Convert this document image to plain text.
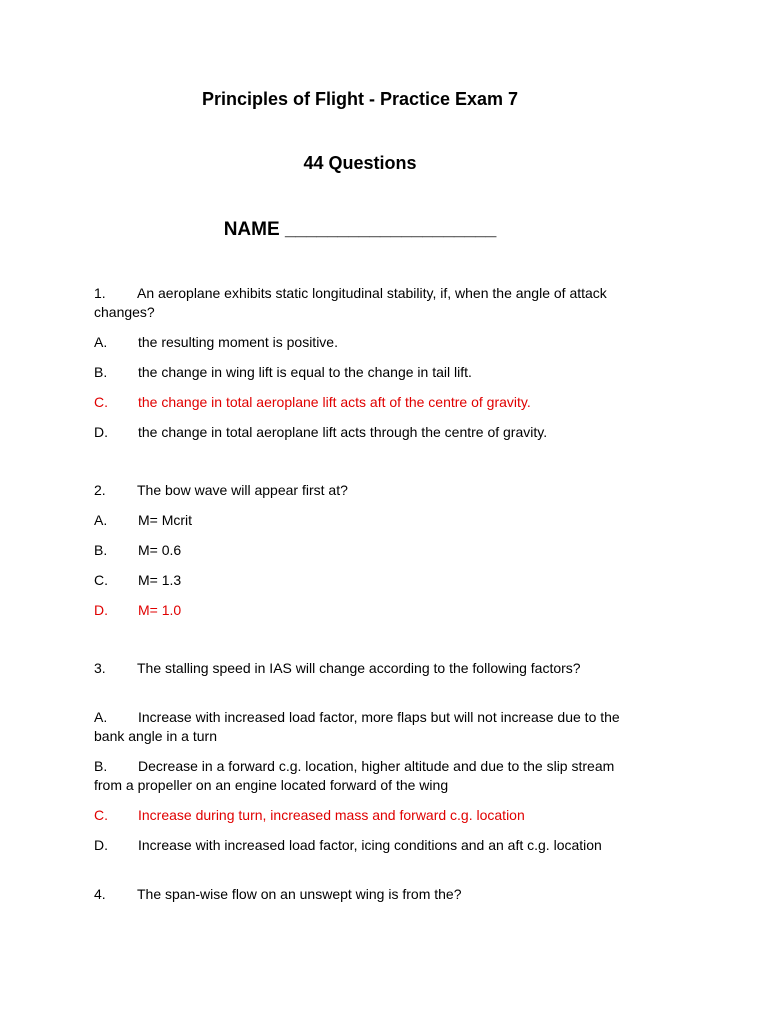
Principles of Flight - Practice Exam 7
44 Questions
NAME ____________________
1. An aeroplane exhibits static longitudinal stability, if, when the angle of attack changes?
A. the resulting moment is positive.
B. the change in wing lift is equal to the change in tail lift.
C. the change in total aeroplane lift acts aft of the centre of gravity.
D. the change in total aeroplane lift acts through the centre of gravity.
2. The bow wave will appear first at?
A. M= Mcrit
B. M= 0.6
C. M= 1.3
D. M= 1.0
3. The stalling speed in IAS will change according to the following factors?
A. Increase with increased load factor, more flaps but will not increase due to the bank angle in a turn
B. Decrease in a forward c.g. location, higher altitude and due to the slip stream from a propeller on an engine located forward of the wing
C. Increase during turn, increased mass and forward c.g. location
D. Increase with increased load factor, icing conditions and an aft c.g. location
4. The span-wise flow on an unswept wing is from the?
